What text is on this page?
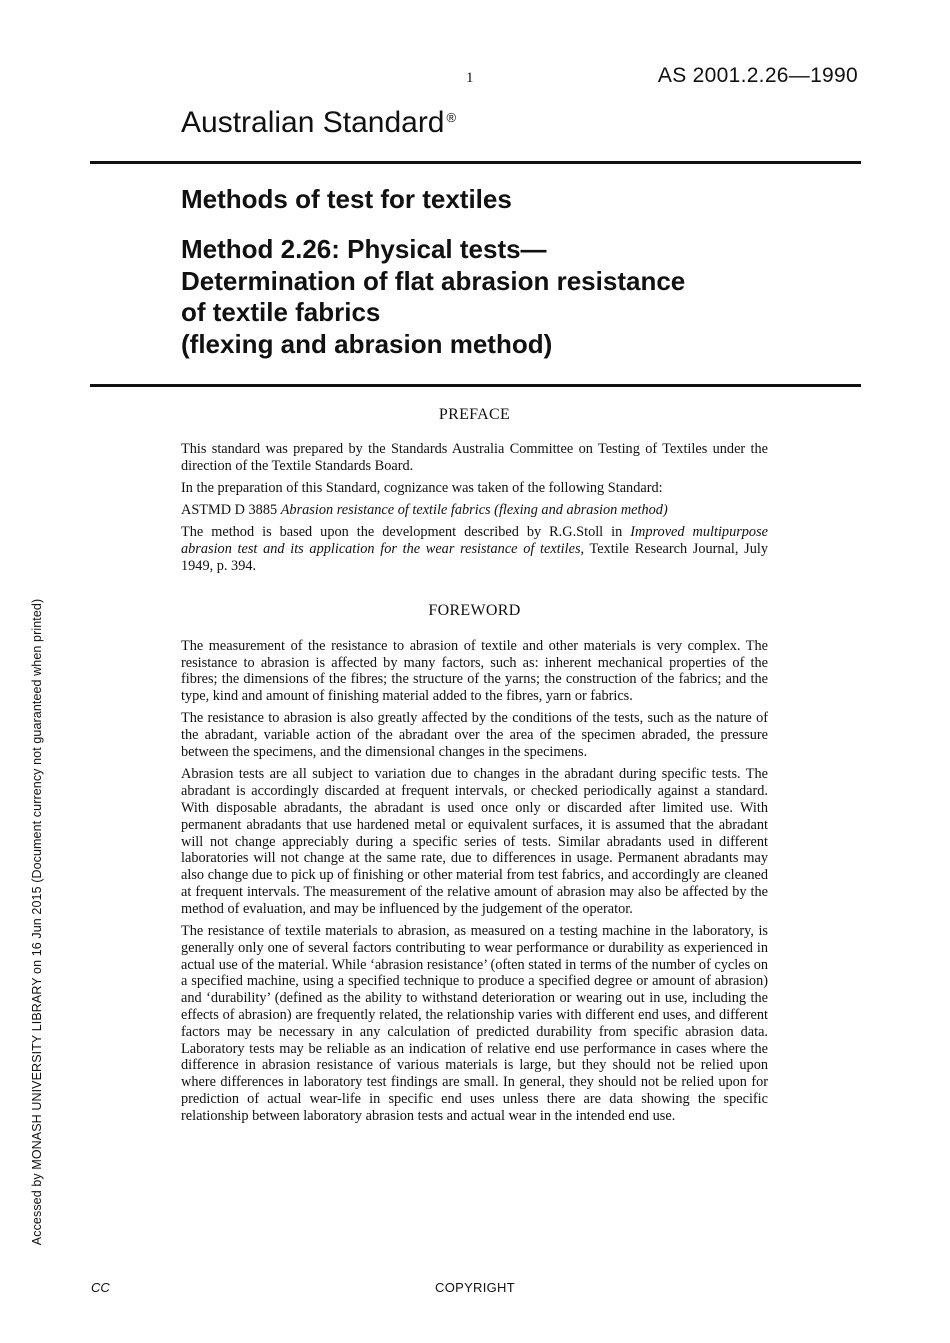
1	AS 2001.2.26—1990
Australian Standard ®
Methods of test for textiles
Method 2.26: Physical tests—
Determination of flat abrasion resistance
of textile fabrics
(flexing and abrasion method)
PREFACE

This standard was prepared by the Standards Australia Committee on Testing of Textiles under the direction of the Textile Standards Board.

In the preparation of this Standard, cognizance was taken of the following Standard:

ASTMD D 3885 Abrasion resistance of textile fabrics (flexing and abrasion method)

The method is based upon the development described by R.G.Stoll in Improved multipurpose abrasion test and its application for the wear resistance of textiles, Textile Research Journal, July 1949, p. 394.

FOREWORD

The measurement of the resistance to abrasion of textile and other materials is very complex. The resistance to abrasion is affected by many factors, such as: inherent mechanical properties of the fibres; the dimensions of the fibres; the structure of the yarns; the construction of the fabrics; and the type, kind and amount of finishing material added to the fibres, yarn or fabrics.

The resistance to abrasion is also greatly affected by the conditions of the tests, such as the nature of the abradant, variable action of the abradant over the area of the specimen abraded, the pressure between the specimens, and the dimensional changes in the specimens.

Abrasion tests are all subject to variation due to changes in the abradant during specific tests. The abradant is accordingly discarded at frequent intervals, or checked periodically against a standard. With disposable abradants, the abradant is used once only or discarded after limited use. With permanent abradants that use hardened metal or equivalent surfaces, it is assumed that the abradant will not change appreciably during a specific series of tests. Similar abradants used in different laboratories will not change at the same rate, due to differences in usage. Permanent abradants may also change due to pick up of finishing or other material from test fabrics, and accordingly are cleaned at frequent intervals. The measurement of the relative amount of abrasion may also be affected by the method of evaluation, and may be influenced by the judgement of the operator.

The resistance of textile materials to abrasion, as measured on a testing machine in the laboratory, is generally only one of several factors contributing to wear performance or durability as experienced in actual use of the material. While ‘abrasion resistance’ (often stated in terms of the number of cycles on a specified machine, using a specified technique to produce a specified degree or amount of abrasion) and ‘durability’ (defined as the ability to withstand deterioration or wearing out in use, including the effects of abrasion) are frequently related, the relationship varies with different end uses, and different factors may be necessary in any calculation of predicted durability from specific abrasion data. Laboratory tests may be reliable as an indication of relative end use performance in cases where the difference in abrasion resistance of various materials is large, but they should not be relied upon where differences in laboratory test findings are small. In general, they should not be relied upon for prediction of actual wear-life in specific end uses unless there are data showing the specific relationship between laboratory abrasion tests and actual wear in the intended end use.

Accessed by MONASH UNIVERSITY LIBRARY on 16 Jun 2015 (Document currency not guaranteed when printed)
CC	COPYRIGHT
